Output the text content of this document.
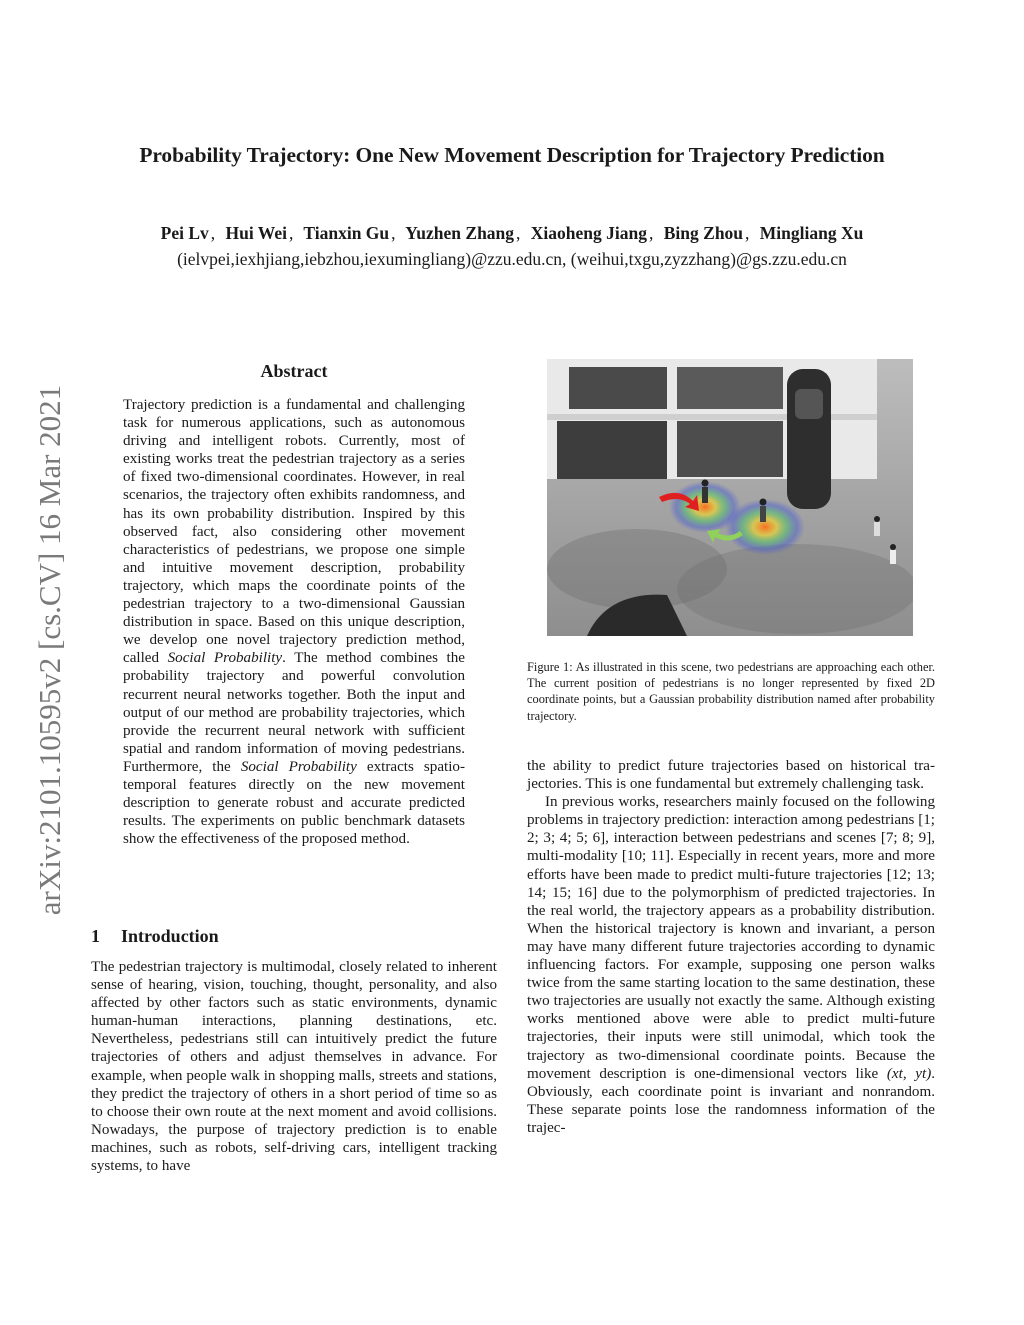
Probability Trajectory: One New Movement Description for Trajectory Prediction
Pei Lv , Hui Wei , Tianxin Gu , Yuzhen Zhang , Xiaoheng Jiang , Bing Zhou , Mingliang Xu
(ielvpei,iexhjiang,iebzhou,iexumingliang)@zzu.edu.cn, (weihui,txgu,zyzzhang)@gs.zzu.edu.cn
arXiv:2101.10595v2 [cs.CV] 16 Mar 2021
Abstract

Trajectory prediction is a fundamental and challenging task for numerous applications, such as autonomous driving and intelligent robots. Currently, most of existing works treat the pedestrian trajectory as a series of fixed two-dimensional coordinates. However, in real scenarios, the trajectory often exhibits randomness, and has its own probability distribution. Inspired by this observed fact, also considering other movement characteristics of pedestrians, we propose one simple and intuitive movement description, probability trajectory, which maps the coordinate points of the pedestrian trajectory to a two-dimensional Gaussian distribution in space. Based on this unique description, we develop one novel trajectory prediction method, called Social Probability. The method combines the probability trajectory and powerful convolution recurrent neural networks together. Both the input and output of our method are probability trajectories, which provide the recurrent neural network with sufficient spatial and random information of moving pedestrians. Furthermore, the Social Probability extracts spatio-temporal features directly on the new movement description to generate robust and accurate predicted results. The experiments on public benchmark datasets show the effectiveness of the proposed method.

1 Introduction

The pedestrian trajectory is multimodal, closely related to inherent sense of hearing, vision, touching, thought, personality, and also affected by other factors such as static environments, dynamic human-human interactions, planning destinations, etc. Nevertheless, pedestrians still can intuitively predict the future trajectories of others and adjust themselves in advance. For example, when people walk in shopping malls, streets and stations, they predict the trajectory of others in a short period of time so as to choose their own route at the next moment and avoid collisions. Nowadays, the purpose of trajectory prediction is to enable machines, such as robots, self-driving cars, intelligent tracking systems, to have

Figure 1: As illustrated in this scene, two pedestrians are approaching each other. The current position of pedestrians is no longer represented by fixed 2D coordinate points, but a Gaussian probability distribution named after probability trajectory.

the ability to predict future trajectories based on historical trajectories. This is one fundamental but extremely challenging task.

In previous works, researchers mainly focused on the following problems in trajectory prediction: interaction among pedestrians [1; 2; 3; 4; 5; 6], interaction between pedestrians and scenes [7; 8; 9], multi-modality [10; 11]. Especially in recent years, more and more efforts have been made to predict multi-future trajectories [12; 13; 14; 15; 16] due to the polymorphism of predicted trajectories. In the real world, the trajectory appears as a probability distribution. When the historical trajectory is known and invariant, a person may have many different future trajectories according to dynamic influencing factors. For example, supposing one person walks twice from the same starting location to the same destination, these two trajectories are usually not exactly the same. Although existing works mentioned above were able to predict multi-future trajectories, their inputs were still unimodal, which took the trajectory as two-dimensional coordinate points. Because the movement description is one-dimensional vectors like (xt, yt). Obviously, each coordinate point is invariant and nonrandom. These separate points lose the randomness information of the trajec-
